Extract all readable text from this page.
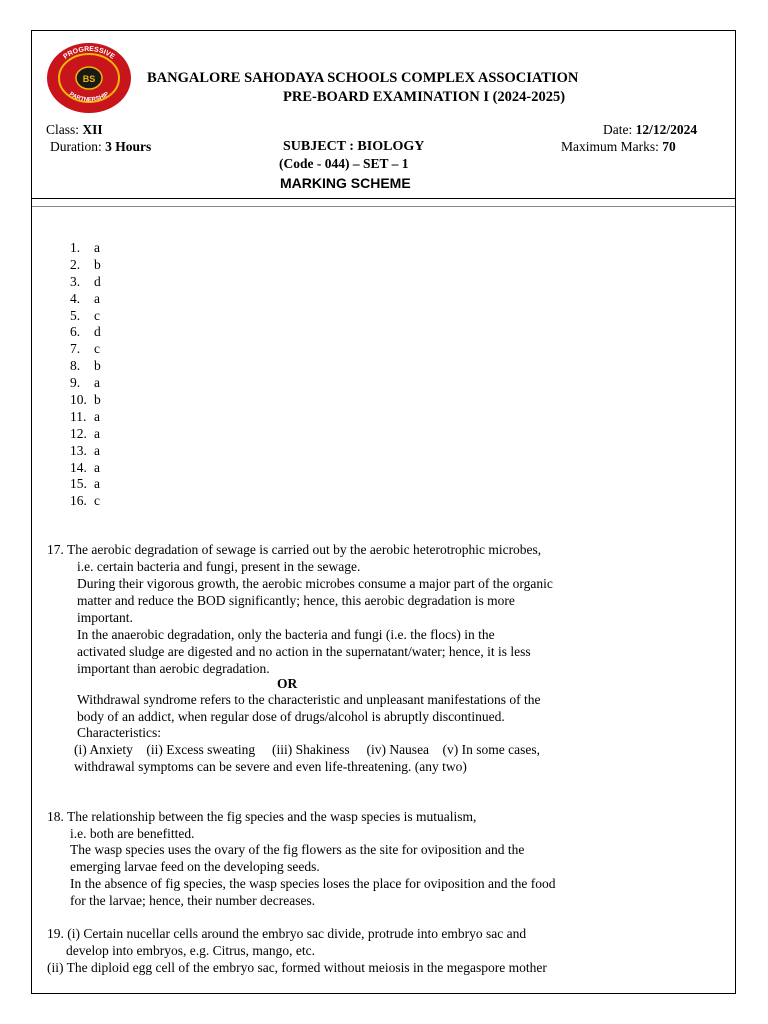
PROGRESSIVE
PARTNERSHIP
BS	BANGALORE SAHODAYA SCHOOLS COMPLEX ASSOCIATION
PRE-BOARD EXAMINATION I (2024-2025)
Class: XII	Date: 12/12/2024
Duration: 3 Hours	SUBJECT : BIOLOGY	Maximum Marks: 70
(Code - 044) – SET – 1
MARKING SCHEME
1. a
2. b
3. d
4. a
5. c
6. d
7. c
8. b
9. a
10. b
11. a
12. a
13. a
14. a
15. a
16. c
17. The aerobic degradation of sewage is carried out by the aerobic heterotrophic microbes,
i.e. certain bacteria and fungi, present in the sewage.
During their vigorous growth, the aerobic microbes consume a major part of the organic
matter and reduce the BOD significantly; hence, this aerobic degradation is more
important.
In the anaerobic degradation, only the bacteria and fungi (i.e. the flocs) in the
activated sludge are digested and no action in the supernatant/water; hence, it is less
important than aerobic degradation.
OR
Withdrawal syndrome refers to the characteristic and unpleasant manifestations of the
body of an addict, when regular dose of drugs/alcohol is abruptly discontinued.
Characteristics:
(i) Anxiety    (ii) Excess sweating     (iii) Shakiness     (iv) Nausea    (v) In some cases,
withdrawal symptoms can be severe and even life-threatening. (any two)
18. The relationship between the fig species and the wasp species is mutualism,
i.e. both are benefitted.
The wasp species uses the ovary of the fig flowers as the site for oviposition and the
emerging larvae feed on the developing seeds.
In the absence of fig species, the wasp species loses the place for oviposition and the food
for the larvae; hence, their number decreases.
19. (i) Certain nucellar cells around the embryo sac divide, protrude into embryo sac and
develop into embryos, e.g. Citrus, mango, etc.
(ii) The diploid egg cell of the embryo sac, formed without meiosis in the megaspore mother
